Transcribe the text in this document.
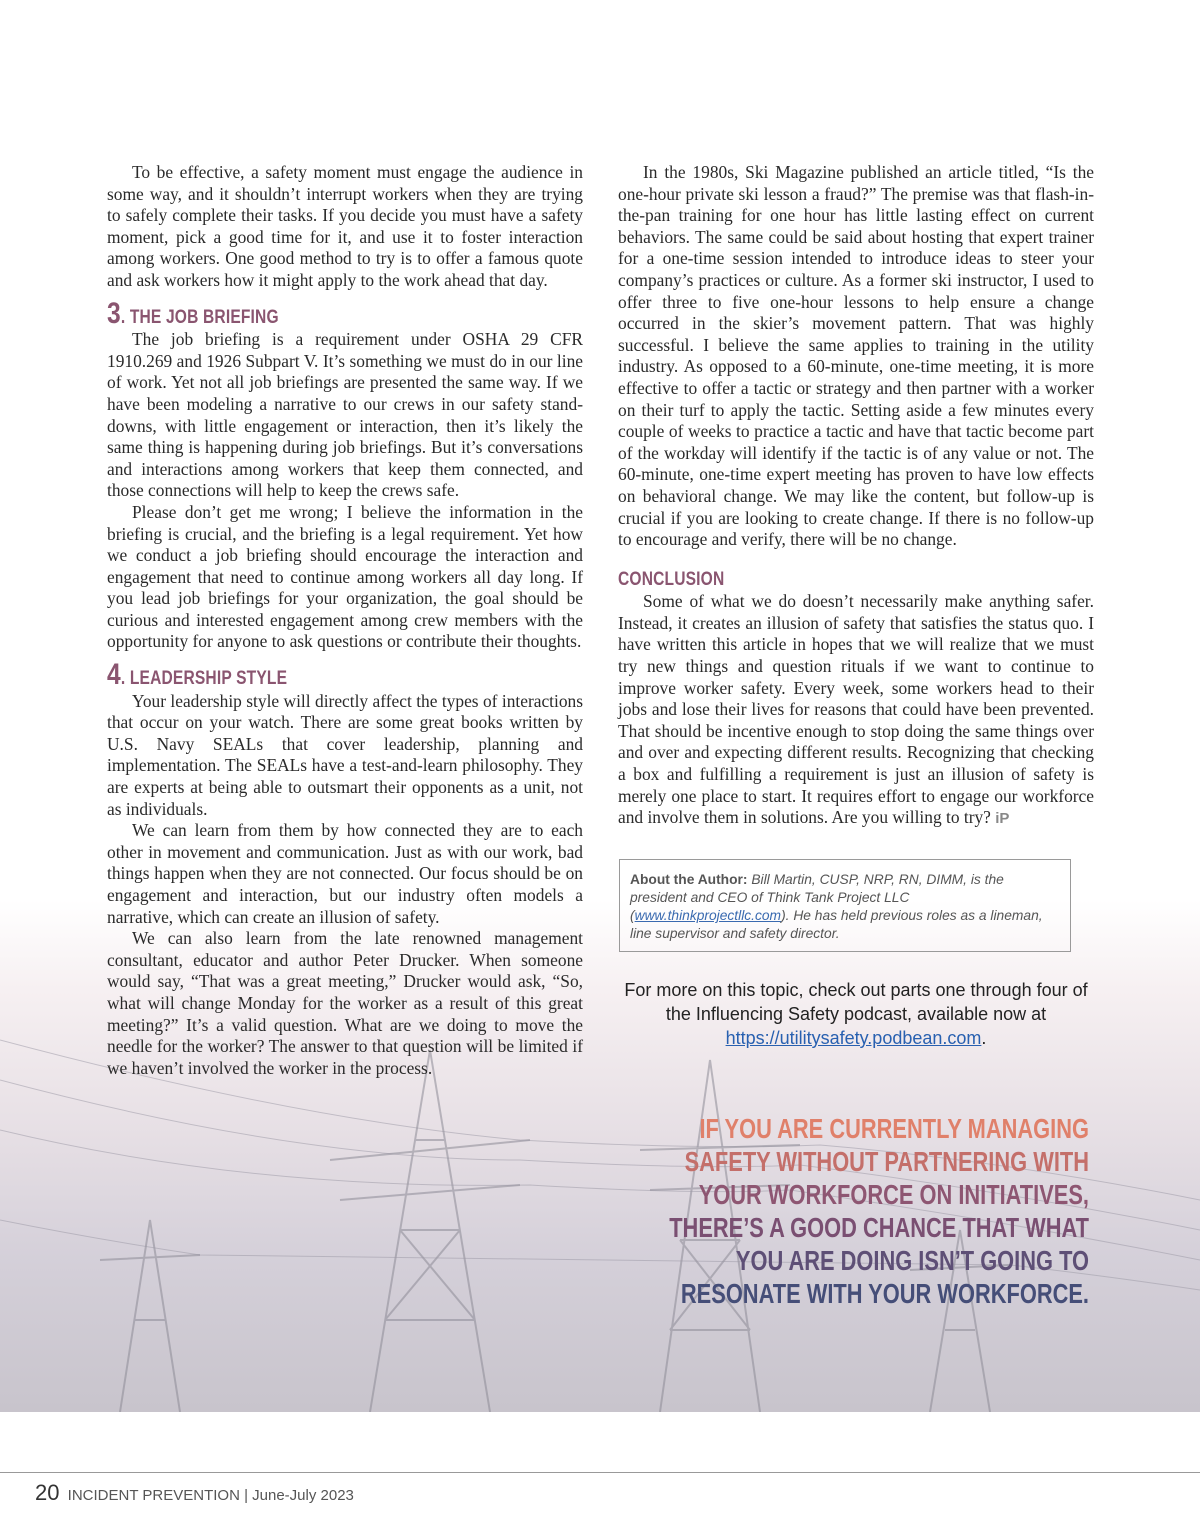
To be effective, a safety moment must engage the audience in some way, and it shouldn’t interrupt workers when they are trying to safely complete their tasks. If you decide you must have a safety moment, pick a good time for it, and use it to foster interaction among workers. One good method to try is to offer a famous quote and ask workers how it might apply to the work ahead that day.

3. THE JOB BRIEFING

The job briefing is a requirement under OSHA 29 CFR 1910.269 and 1926 Subpart V. It’s something we must do in our line of work. Yet not all job briefings are presented the same way. If we have been modeling a narrative to our crews in our safety stand-downs, with little engagement or interaction, then it’s likely the same thing is happening during job briefings. But it’s conversations and interactions among workers that keep them connected, and those connections will help to keep the crews safe.

Please don’t get me wrong; I believe the information in the briefing is crucial, and the briefing is a legal requirement. Yet how we conduct a job briefing should encourage the interaction and engagement that need to continue among workers all day long. If you lead job briefings for your organization, the goal should be curious and interested engagement among crew members with the opportunity for anyone to ask questions or contribute their thoughts.

4. LEADERSHIP STYLE

Your leadership style will directly affect the types of interactions that occur on your watch. There are some great books written by U.S. Navy SEALs that cover leadership, planning and implementation. The SEALs have a test-and-learn philosophy. They are experts at being able to outsmart their opponents as a unit, not as individuals.

We can learn from them by how connected they are to each other in movement and communication. Just as with our work, bad things happen when they are not connected. Our focus should be on engagement and interaction, but our industry often models a narrative, which can create an illusion of safety.

We can also learn from the late renowned management consultant, educator and author Peter Drucker. When someone would say, “That was a great meeting,” Drucker would ask, “So, what will change Monday for the worker as a result of this great meeting?” It’s a valid question. What are we doing to move the needle for the worker? The answer to that question will be limited if we haven’t involved the worker in the process.

In the 1980s, Ski Magazine published an article titled, “Is the one-hour private ski lesson a fraud?” The premise was that flash-in-the-pan training for one hour has little lasting effect on current behaviors. The same could be said about hosting that expert trainer for a one-time session intended to introduce ideas to steer your company’s practices or culture. As a former ski instructor, I used to offer three to five one-hour lessons to help ensure a change occurred in the skier’s movement pattern. That was highly successful. I believe the same applies to training in the utility industry. As opposed to a 60-minute, one-time meeting, it is more effective to offer a tactic or strategy and then partner with a worker on their turf to apply the tactic. Setting aside a few minutes every couple of weeks to practice a tactic and have that tactic become part of the workday will identify if the tactic is of any value or not. The 60-minute, one-time expert meeting has proven to have low effects on behavioral change. We may like the content, but follow-up is crucial if you are looking to create change. If there is no follow-up to encourage and verify, there will be no change.

CONCLUSION

Some of what we do doesn’t necessarily make anything safer. Instead, it creates an illusion of safety that satisfies the status quo. I have written this article in hopes that we will realize that we must try new things and question rituals if we want to continue to improve worker safety. Every week, some workers head to their jobs and lose their lives for reasons that could have been prevented. That should be incentive enough to stop doing the same things over and over and expecting different results. Recognizing that checking a box and fulfilling a requirement is just an illusion of safety is merely one place to start. It requires effort to engage our workforce and involve them in solutions. Are you willing to try? iP

About the Author: Bill Martin, CUSP, NRP, RN, DIMM, is the president and CEO of Think Tank Project LLC (www.thinkprojectllc.com). He has held previous roles as a lineman, line supervisor and safety director.
For more on this topic, check out parts one through four of the Influencing Safety podcast, available now at https://utilitysafety.podbean.com.
IF YOU ARE CURRENTLY MANAGING
SAFETY WITHOUT PARTNERING WITH
YOUR WORKFORCE ON INITIATIVES,
THERE’S A GOOD CHANCE THAT WHAT
YOU ARE DOING ISN’T GOING TO
RESONATE WITH YOUR WORKFORCE.
20 INCIDENT PREVENTION | June-July 2023
